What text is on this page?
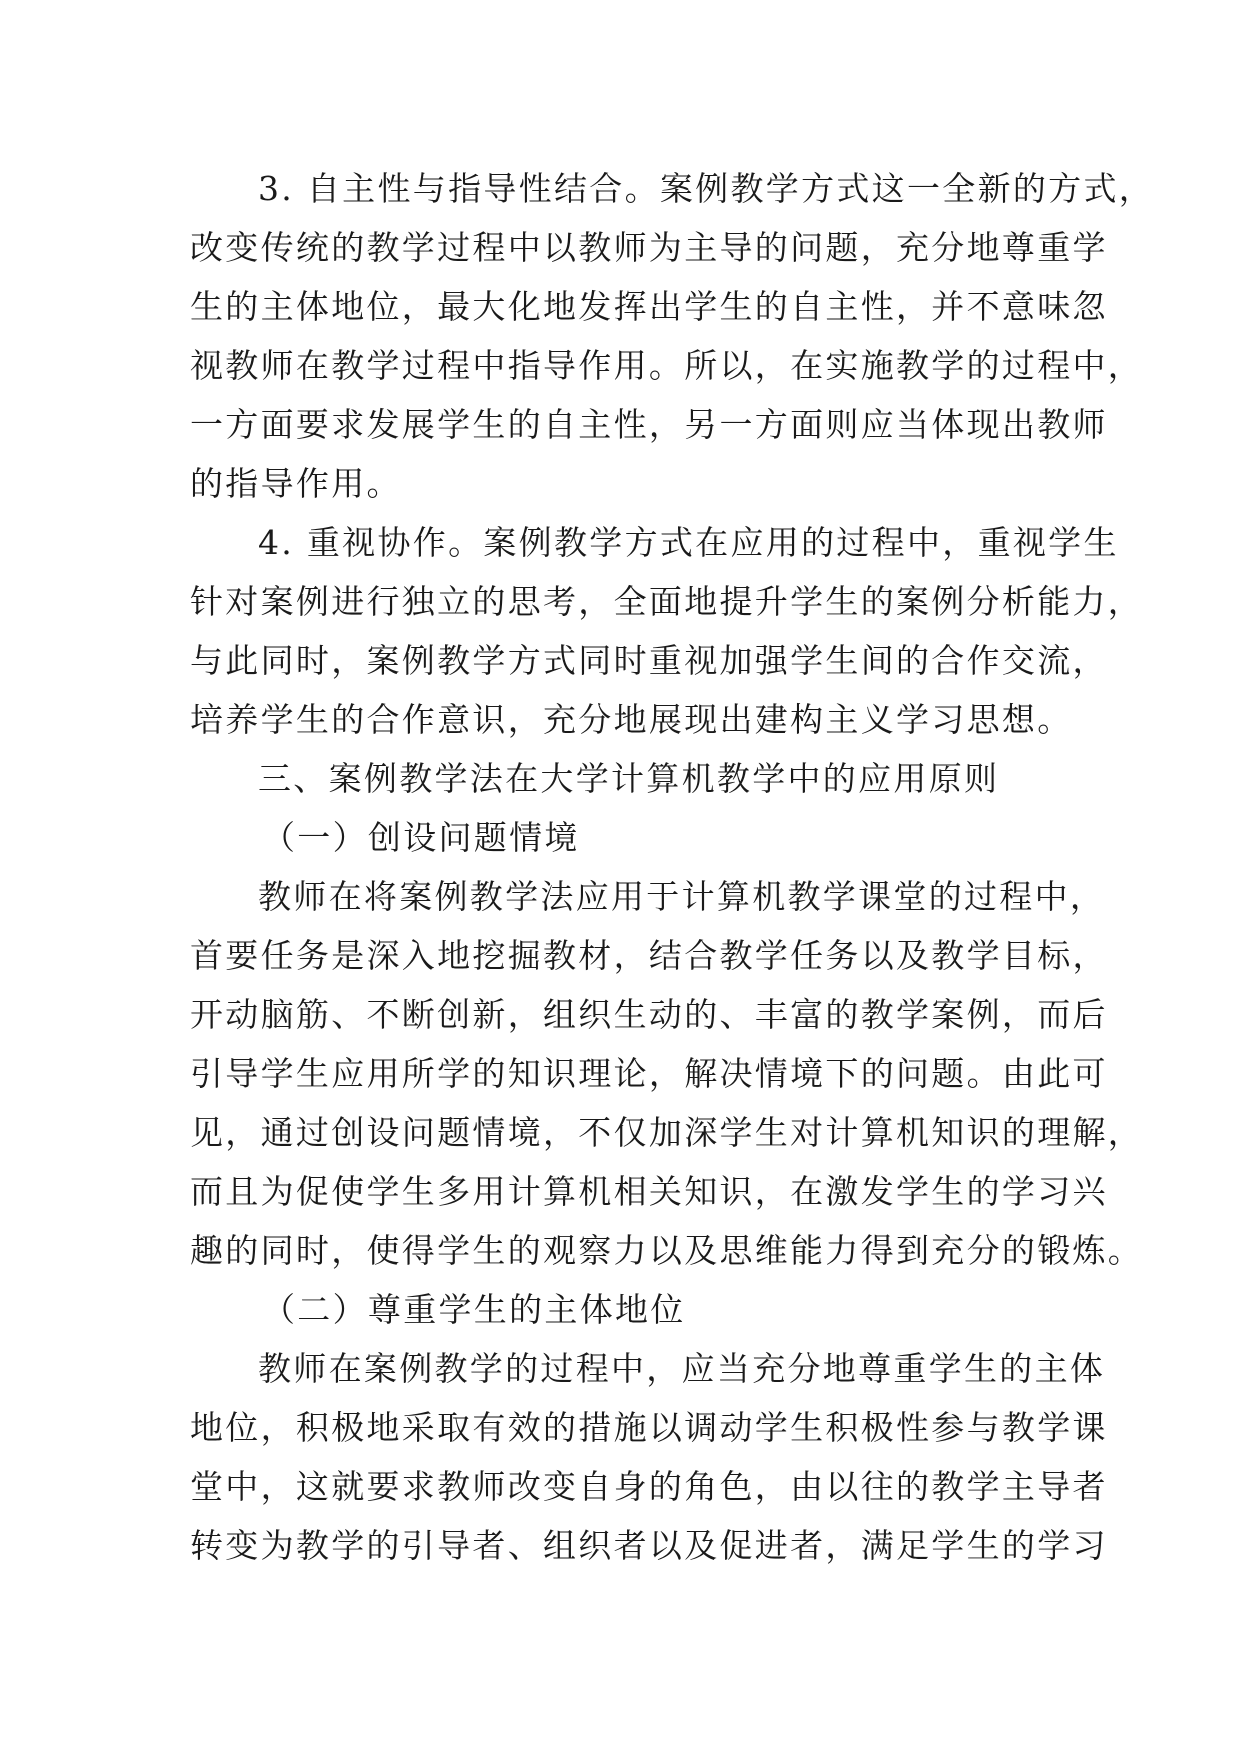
3. 自主性与指导性结合。案例教学方式这一全新的方式，
改变传统的教学过程中以教师为主导的问题，充分地尊重学
生的主体地位，最大化地发挥出学生的自主性，并不意味忽
视教师在教学过程中指导作用。所以，在实施教学的过程中，
一方面要求发展学生的自主性，另一方面则应当体现出教师
的指导作用。
4. 重视协作。案例教学方式在应用的过程中，重视学生
针对案例进行独立的思考，全面地提升学生的案例分析能力，
与此同时，案例教学方式同时重视加强学生间的合作交流，
培养学生的合作意识，充分地展现出建构主义学习思想。
三、案例教学法在大学计算机教学中的应用原则
（一）创设问题情境
教师在将案例教学法应用于计算机教学课堂的过程中，
首要任务是深入地挖掘教材，结合教学任务以及教学目标，
开动脑筋、不断创新，组织生动的、丰富的教学案例，而后
引导学生应用所学的知识理论，解决情境下的问题。由此可
见，通过创设问题情境，不仅加深学生对计算机知识的理解，
而且为促使学生多用计算机相关知识，在激发学生的学习兴
趣的同时，使得学生的观察力以及思维能力得到充分的锻炼。
（二）尊重学生的主体地位
教师在案例教学的过程中，应当充分地尊重学生的主体
地位，积极地采取有效的措施以调动学生积极性参与教学课
堂中，这就要求教师改变自身的角色，由以往的教学主导者
转变为教学的引导者、组织者以及促进者，满足学生的学习
